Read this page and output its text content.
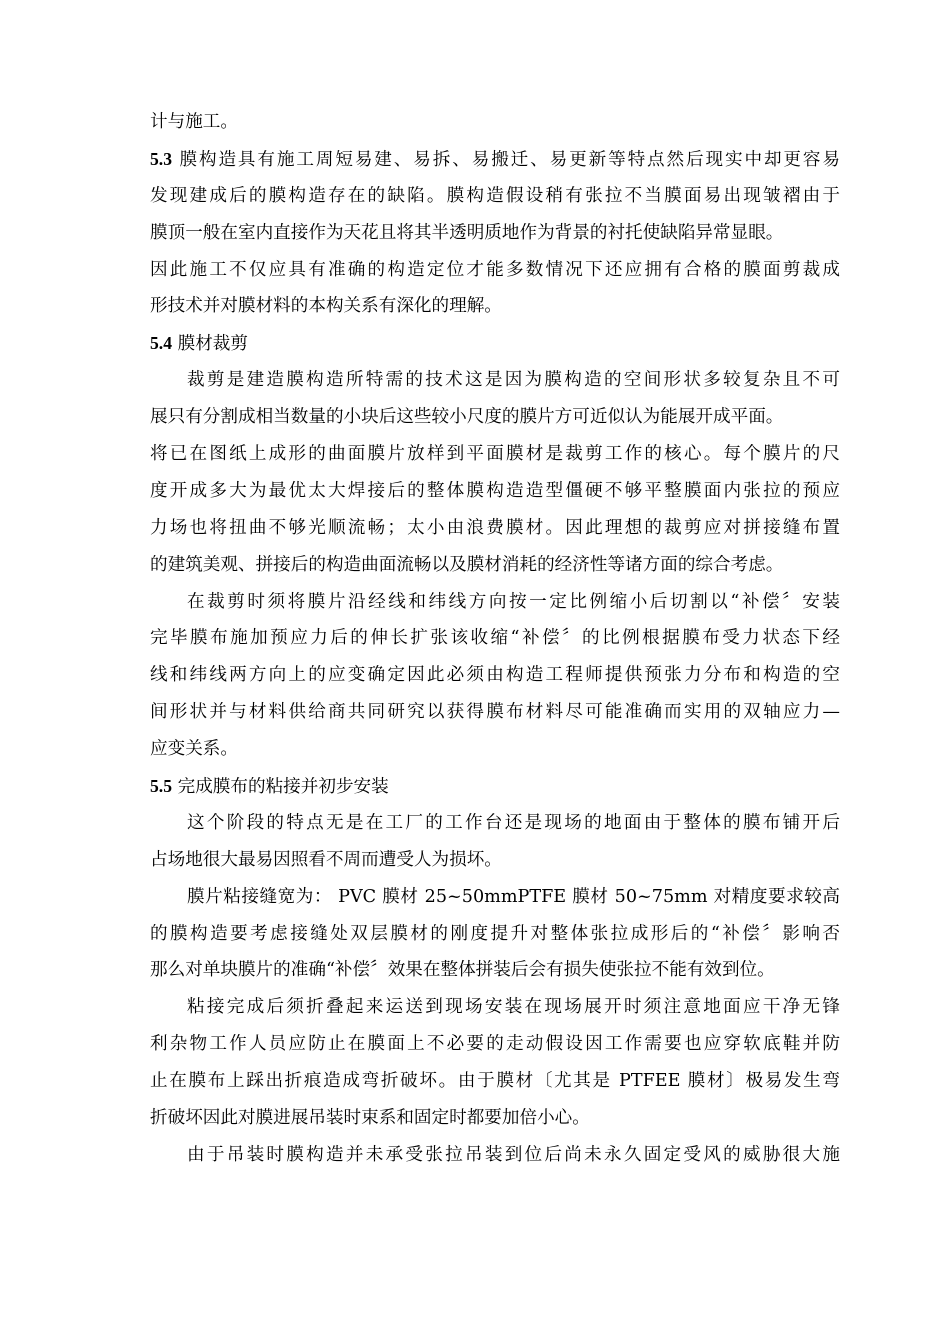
计与施工。
5.3 膜构造具有施工周短易建、易拆、易搬迁、易更新等特点然后现实中却更容易
发现建成后的膜构造存在的缺陷。膜构造假设稍有张拉不当膜面易出现皱褶由于
膜顶一般在室内直接作为天花且将其半透明质地作为背景的衬托使缺陷异常显眼。
因此施工不仅应具有准确的构造定位才能多数情况下还应拥有合格的膜面剪裁成
形技术并对膜材料的本构关系有深化的理解。
5.4 膜材裁剪
裁剪是建造膜构造所特需的技术这是因为膜构造的空间形状多较复杂且不可
展只有分割成相当数量的小块后这些较小尺度的膜片方可近似认为能展开成平面。
将已在图纸上成形的曲面膜片放样到平面膜材是裁剪工作的核心。每个膜片的尺
度开成多大为最优太大焊接后的整体膜构造造型僵硬不够平整膜面内张拉的预应
力场也将扭曲不够光顺流畅；太小由浪费膜材。因此理想的裁剪应对拼接缝布置
的建筑美观、拼接后的构造曲面流畅以及膜材消耗的经济性等诸方面的综合考虑。
在裁剪时须将膜片沿经线和纬线方向按一定比例缩小后切割以“补偿〞安装
完毕膜布施加预应力后的伸长扩张该收缩“补偿〞的比例根据膜布受力状态下经
线和纬线两方向上的应变确定因此必须由构造工程师提供预张力分布和构造的空
间形状并与材料供给商共同研究以获得膜布材料尽可能准确而实用的双轴应力—
应变关系。
5.5 完成膜布的粘接并初步安装
这个阶段的特点无是在工厂的工作台还是现场的地面由于整体的膜布铺开后
占场地很大最易因照看不周而遭受人为损坏。
膜片粘接缝宽为： PVC 膜材 25~50mmPTFE 膜材 50~75mm 对精度要求较高
的膜构造要考虑接缝处双层膜材的刚度提升对整体张拉成形后的“补偿〞影响否
那么对单块膜片的准确“补偿〞效果在整体拼装后会有损失使张拉不能有效到位。
粘接完成后须折叠起来运送到现场安装在现场展开时须注意地面应干净无锋
利杂物工作人员应防止在膜面上不必要的走动假设因工作需要也应穿软底鞋并防
止在膜布上踩出折痕造成弯折破坏。由于膜材〔尤其是 PTFEE 膜材〕极易发生弯
折破坏因此对膜进展吊装时束系和固定时都要加倍小心。
由于吊装时膜构造并未承受张拉吊装到位后尚未永久固定受风的威胁很大施
